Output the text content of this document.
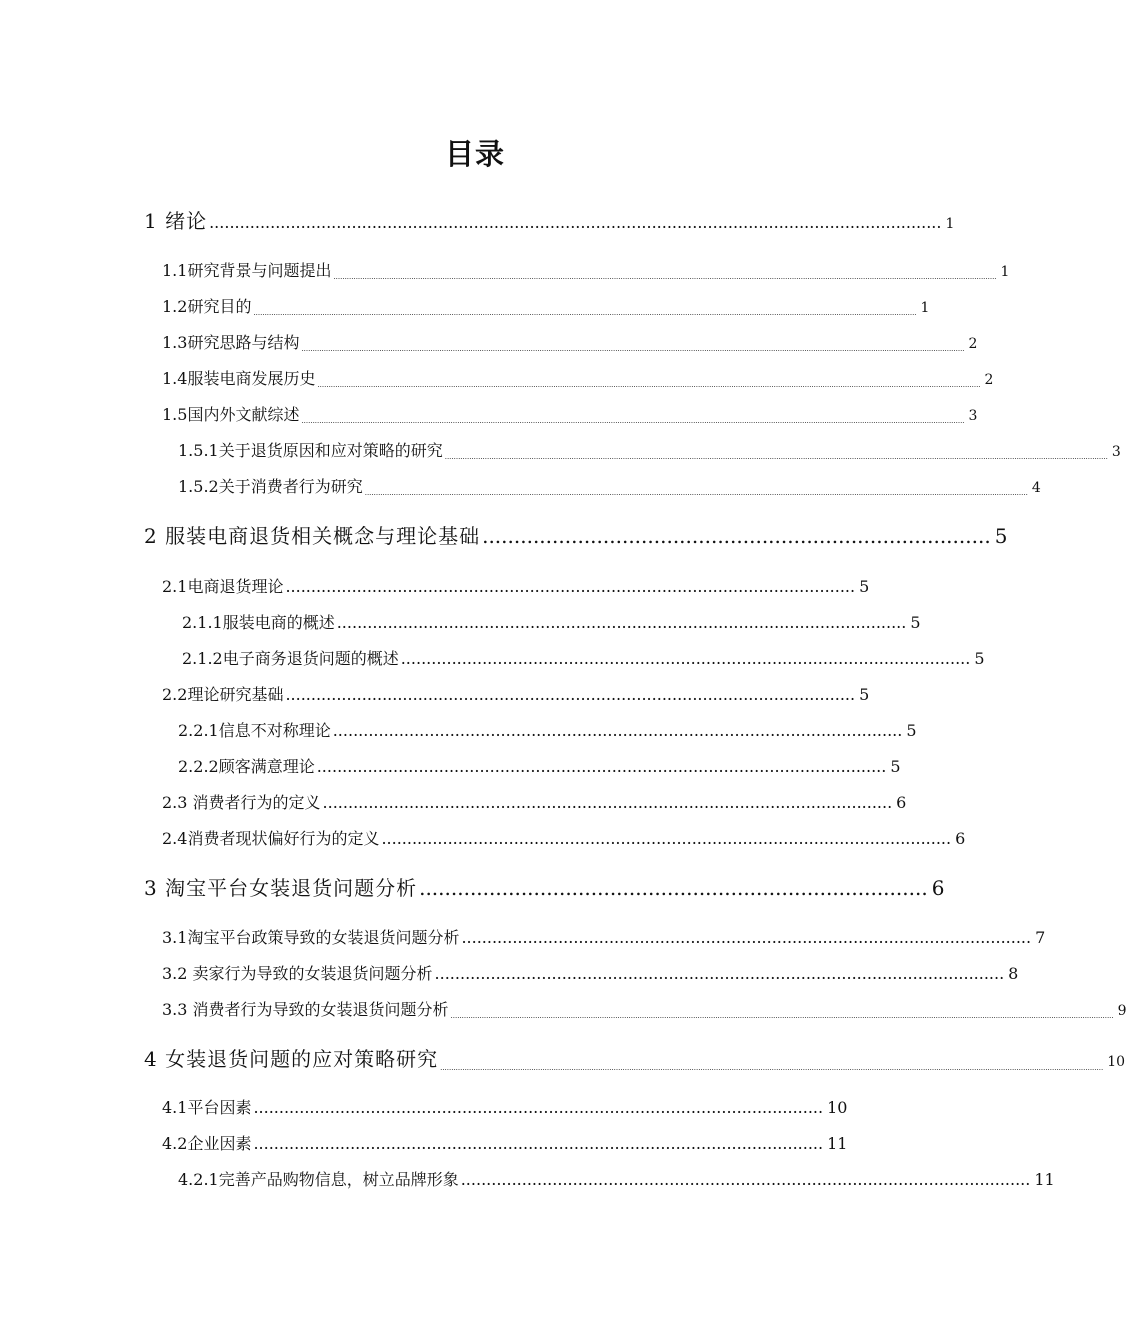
目录
1 绪论 ................................................................................................................................................ 1
1.1研究背景与问题提出 .......................................................................................................................................................................................................................................................................................................... 1
1.2研究目的 .......................................................................................................................................................................................................................................................................................................... 1
1.3研究思路与结构 .......................................................................................................................................................................................................................................................................................................... 2
1.4服装电商发展历史 .......................................................................................................................................................................................................................................................................................................... 2
1.5国内外文献综述 .......................................................................................................................................................................................................................................................................................................... 3
1.5.1关于退货原因和应对策略的研究 .......................................................................................................................................................................................................................................................................................................... 3
1.5.2关于消费者行为研究 .......................................................................................................................................................................................................................................................................................................... 4
2 服装电商退货相关概念与理论基础 ................................................................................ 5
2.1电商退货理论 ................................................................................................................ 5
2.1.1服装电商的概述 ................................................................................................................ 5
2.1.2电子商务退货问题的概述 ................................................................................................................ 5
2.2理论研究基础 ................................................................................................................ 5
2.2.1信息不对称理论 ................................................................................................................ 5
2.2.2顾客满意理论 ................................................................................................................ 5
2.3 消费者行为的定义 ................................................................................................................ 6
2.4消费者现状偏好行为的定义 ................................................................................................................ 6
3 淘宝平台女装退货问题分析 ................................................................................ 6
3.1淘宝平台政策导致的女装退货问题分析 ................................................................................................................ 7
3.2 卖家行为导致的女装退货问题分析 ................................................................................................................ 8
3.3 消费者行为导致的女装退货问题分析 .......................................................................................................................................................................................................................................................................................................... 9
4 女装退货问题的应对策略研究 .......................................................................................................................................................................................................................................................................................................... 10
4.1平台因素 ................................................................................................................ 10
4.2企业因素 ................................................................................................................ 11
4.2.1完善产品购物信息，树立品牌形象 ................................................................................................................ 11
